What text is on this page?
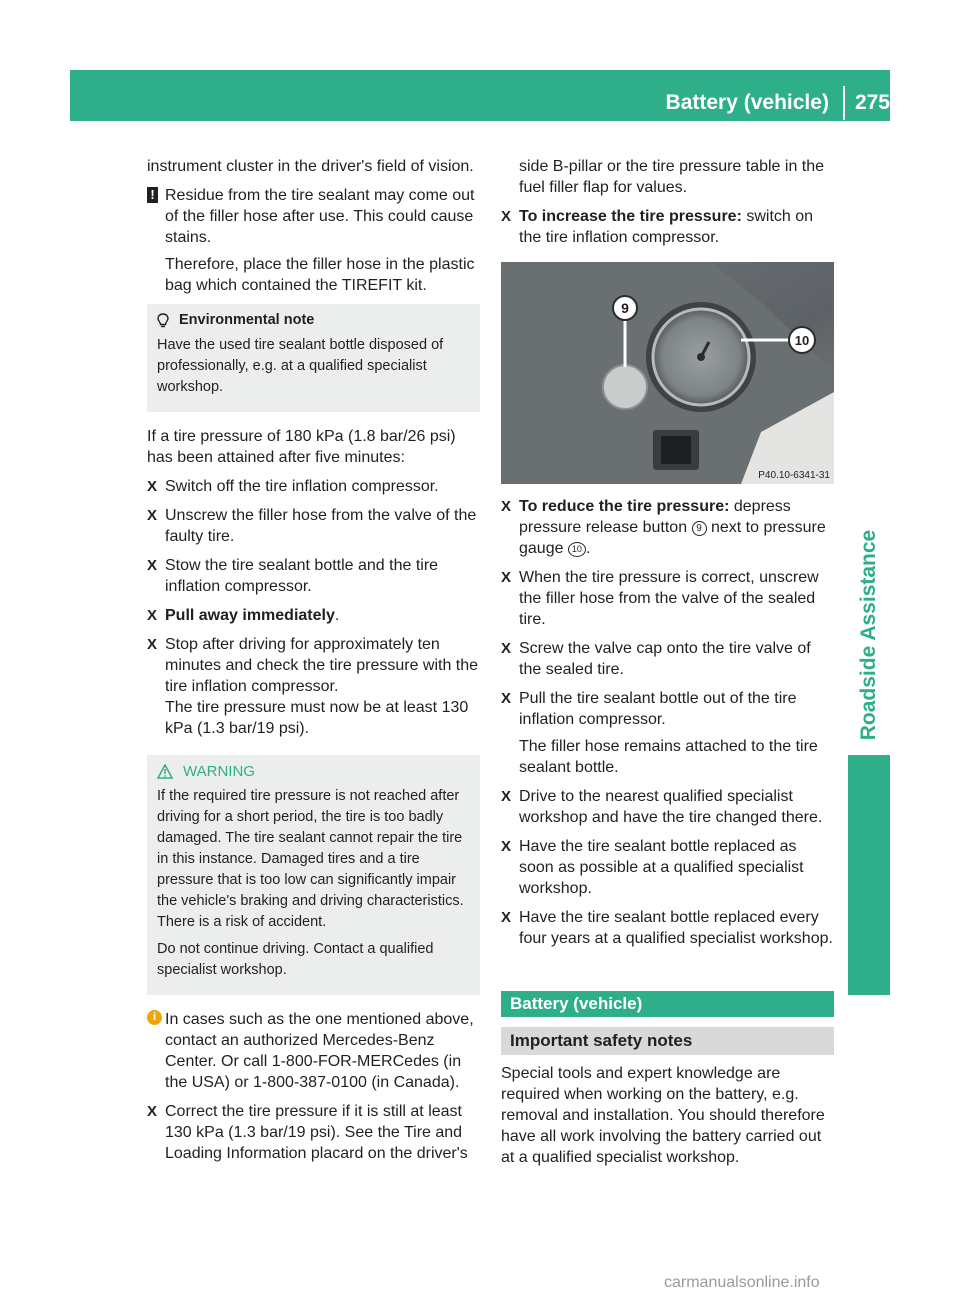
Battery (vehicle) 275
Roadside Assistance

instrument cluster in the driver's field of vision.

! Residue from the tire sealant may come out of the filler hose after use. This could cause stains.

Therefore, place the filler hose in the plastic bag which contained the TIREFIT kit.

Environmental note

Have the used tire sealant bottle disposed of professionally, e.g. at a qualified specialist workshop.

If a tire pressure of 180 kPa (1.8 bar/26 psi) has been attained after five minutes:

X Switch off the tire inflation compressor.
X Unscrew the filler hose from the valve of the faulty tire.
X Stow the tire sealant bottle and the tire inflation compressor.
X Pull away immediately.
X Stop after driving for approximately ten minutes and check the tire pressure with the tire inflation compressor.

The tire pressure must now be at least 130 kPa (1.3 bar/19 psi).

WARNING

If the required tire pressure is not reached after driving for a short period, the tire is too badly damaged. The tire sealant cannot repair the tire in this instance. Damaged tires and a tire pressure that is too low can significantly impair the vehicle's braking and driving characteristics. There is a risk of accident.

Do not continue driving. Contact a qualified specialist workshop.

i In cases such as the one mentioned above, contact an authorized Mercedes-Benz Center. Or call 1-800-FOR-MERCedes (in the USA) or 1-800-387-0100 (in Canada).
X Correct the tire pressure if it is still at least 130 kPa (1.3 bar/19 psi). See the Tire and Loading Information placard on the driver's

side B-pillar or the tire pressure table in the fuel filler flap for values.

X To increase the tire pressure: switch on the tire inflation compressor.
9
10
P40.10-6341-31
X To reduce the tire pressure: depress pressure release button 9 next to pressure gauge 10 .
X When the tire pressure is correct, unscrew the filler hose from the valve of the sealed tire.
X Screw the valve cap onto the tire valve of the sealed tire.
X Pull the tire sealant bottle out of the tire inflation compressor.

The filler hose remains attached to the tire sealant bottle.

X Drive to the nearest qualified specialist workshop and have the tire changed there.
X Have the tire sealant bottle replaced as soon as possible at a qualified specialist workshop.
X Have the tire sealant bottle replaced every four years at a qualified specialist workshop.
Battery (vehicle)
Important safety notes

Special tools and expert knowledge are required when working on the battery, e.g. removal and installation. You should therefore have all work involving the battery carried out at a qualified specialist workshop.

carmanualsonline.info
